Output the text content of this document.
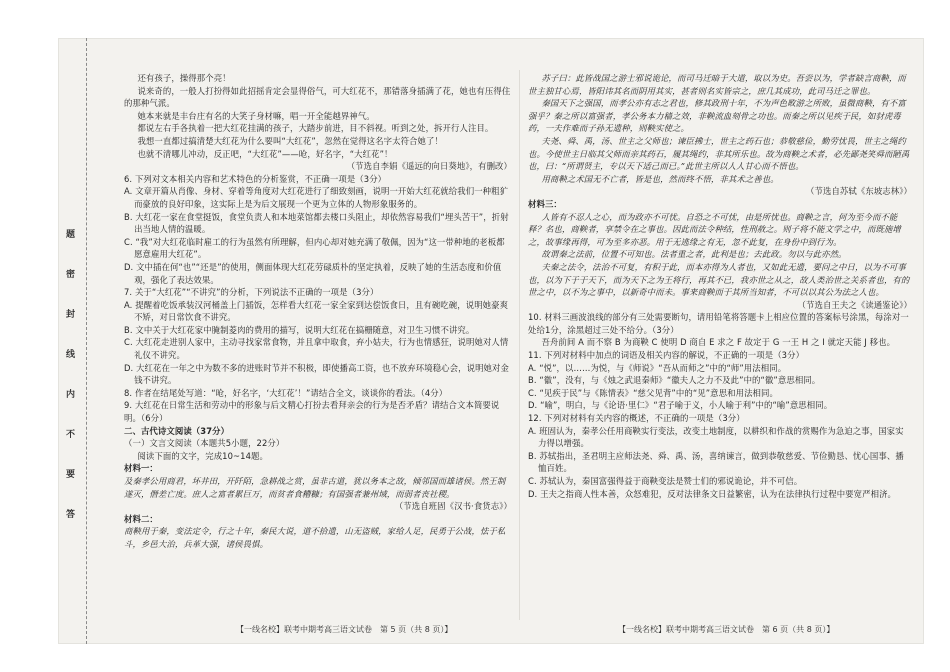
题
密
封
线
内
不
要
答

还有孩子，操得那个亮！

说来奇的，一般人打扮得如此招摇肯定会显得俗气，可大红花不，那错落身插满了花，她也有压得住的那种气派。

她本来就是丰台庄有名的大笑子身材嘛，唱一开全能越界神气。

都说左右手各执着一把大红花挂满的孩子，大踏步前进，目不斜视。听到之处，拆开行人注目。

我想一直都过搞清楚大红花为什么要叫“大红花”，忽然在觉得这名字太符合她了！

也就不清哪儿冲动，反正吧，“大红花”——呛，好名字，“大红花”！

（节选自李娟《遥远的向日葵地》，有删改）

6. 下列对文本相关内容和艺术特色的分析鉴赏，不正确一项是（3分）

A. 文章开篇从肖像、身材、穿着等角度对大红花进行了细致刻画，说明一开始大红花就给我们一种粗犷而豪放的良好印象，这实际上是为后文展现一个更为立体的人物形象服务的。

B. 大红花一家在食堂挺饭，食堂负责人和本地菜馆都去楼口头阻止，却依然容易我们“埋头苦干”，折射出当地人情的温暖。

C. “我”对大红花临时雇工的行为虽然有所理解，但内心却对她充满了敬佩，因为“这一带种地的老板都愿意雇用大红花”。

D. 文中插在何“也”“还是”的使用，侧面体现大红花劳碌质朴的坚定执着，反映了她的生活态度和价值观，强化了表达效果。

7. 关于“大红花”“不讲究”的分析，下列说法不正确的一项是（3分）

A. 提醒着吃饭承装汉河桶盖上门插饭，怎样看大红花一家全家到达偿饭食日，且有碗吃碗，说明她豪爽不矫，对日常饮食不讲究。

B. 文中关于大红花家中腌制菱肉的费用的描写，说明大红花在搞栅随意，对卫生习惯不讲究。

C. 大红花走进别人家中，主动寻找家常食物，并且拿中取食，弃小姑夫，行为也情感狂，说明她对人情礼仪不讲究。

D. 大红花在一年之中为数不多的进账时节并不积极，即使播高工资，也不放弃环境稳心会，说明她对金钱不讲究。

8. 作者在结尾处写道：“呛，好名字，‘大红花’！”请结合全文，谈谈你的看法。（4分）

9. 大红花在日常生活和劳动中的形象与后文精心打扮去看拜亲会的行为是否矛盾？请结合文本简要说明。（6分）

二、古代诗文阅读（37分）

（一）文言文阅读（本题共5小题，22分）

阅读下面的文字，完成10~14题。

材料一：

及秦孝公用商君，坏井田，开阡陌，急耕战之赏，虽非古道，犹以务本之故，倾邻国而雄诸侯。然王制遂灭，僭差亡度。庶人之富者累巨万，而贫者食糟糠；有国强者兼州域，而弱者丧社稷。

（节选自班固《汉书·食货志》）

材料二：

商鞅用于秦，变法定令，行之十年，秦民大说，道不拾遗，山无盗贼，家给人足，民勇于公战，怯于私斗，乡邑大治，兵革大强，诸侯畏惧。

苏子曰：此皆战国之游士邪说诡论，而司马迁暗于大道，取以为史。吾尝以为，学者缺言商鞅，而世主独甘心焉，皆阳讳其名而阴用其实，甚者则名实皆宗之，庶几其成功，此司马迁之罪也。

秦国天下之强国，而孝公亦有志之君也，修其政刑十年，不为声色畋游之所败，虽微商鞅，有不富强乎？秦之所以富强者，孝公务本力穑之效，非鞅流血刻骨之功也。而秦之所以见疾于民，如豺虎毒药，一夫作难而子孙无遗种，则鞅实使之。

夫尧、舜、禹，汤、世主之父师也；谏臣拂士，世主之药石也；恭敬慈俭，勤劳忧畏，世主之绳约也。今使世主日临其父师而亲其药石，履其绳约，非其所乐也。故为商鞅之术者，必先鄙尧笑舜而陋禹也，曰：“所谓贤主，专以天下适己而已。”此世主所以人人甘心而不悟也。

用商鞅之术国无不亡者，皆是也，然而终不悟，非其术之善也。

（节选自苏轼《东坡志林》）

材料三：

人皆有不忍人之心，而为政亦不可忧。自恐之不可忧，由是所忧也。商鞅之言，何为至今而不能释？名也，商鞅者，享禁令在之事也。因此而法令种结，性刑赦之。则子将不能文学之中，而既施增之，故事缘再得，可为至多亦恶。用于无逃缘之有无，忽不此复，在身份中到行为。

故谓秦之法前，位置不可知也。法者重之者，此利是也；去此政。勿以与此亦然。

夫秦之法令，法治不可复，有积于此，而本亦得为人者也，又如此无遗，要问之中日，以为不可事也，以为下于于天下，而为天下之为王将行，再其不已，我亦世之从之，故人类治世之关系者也，有的世之中，以不为之事中，以新奇中而未。事来商鞅而于其所当知者，不可以以其公为法之人也。

（节选自王夫之《读通鉴论》）

10. 材料三画波浪线的部分有三处需要断句，请用铅笔将答题卡上相应位置的答案标号涂黑，每涂对一处给1分，涂黑超过三处不给分。（3分）

吾舟前间 A 而不察 B 为商鞅 C 使明 D 商自 E 求之 F 故定于 G 一王 H 之 I 就定天能 J 移也。

11. 下列对材料中加点的词语及相关内容的解说，不正确的一项是（3分）

A. “悦”，以……为悦，与《师说》“吾从而师之”中的“师”用法相同。

B. “徽”，没有，与《烛之武退秦师》“徽夫人之力不及此”中的“徽”意思相同。

C. “见疾于民”与《陈情表》“慈父见背”中的“见”意思和用法相同。

D. “喻”，明白，与《论语·里仁》“君子喻于义，小人喻于利”中的“喻”意思相同。

12. 下列对材料有关内容的概述，不正确的一项是（3分）

A. 班固认为，秦孝公任用商鞅实行变法，改变土地制度，以耕织和作战的赏赐作为急迫之事，国家实力得以增强。

B. 苏轼指出，圣君明主应师法尧、舜、禹、汤，喜纳谏言，做到恭敬慈爱、节俭勤恳、忧心国事、播恤百姓。

C. 苏轼认为，秦国富强得益于商鞅变法是赞士们的邪说诡论，并不可信。

D. 王夫之指商人性本善，众怒难犯，反对法律条文日益繁密，认为在法律执行过程中要宽严相济。

【一线名校】联考中期考高三语文试卷　第 5 页（共 8 页）】	【一线名校】联考中期考高三语文试卷　第 6 页（共 8 页）】
